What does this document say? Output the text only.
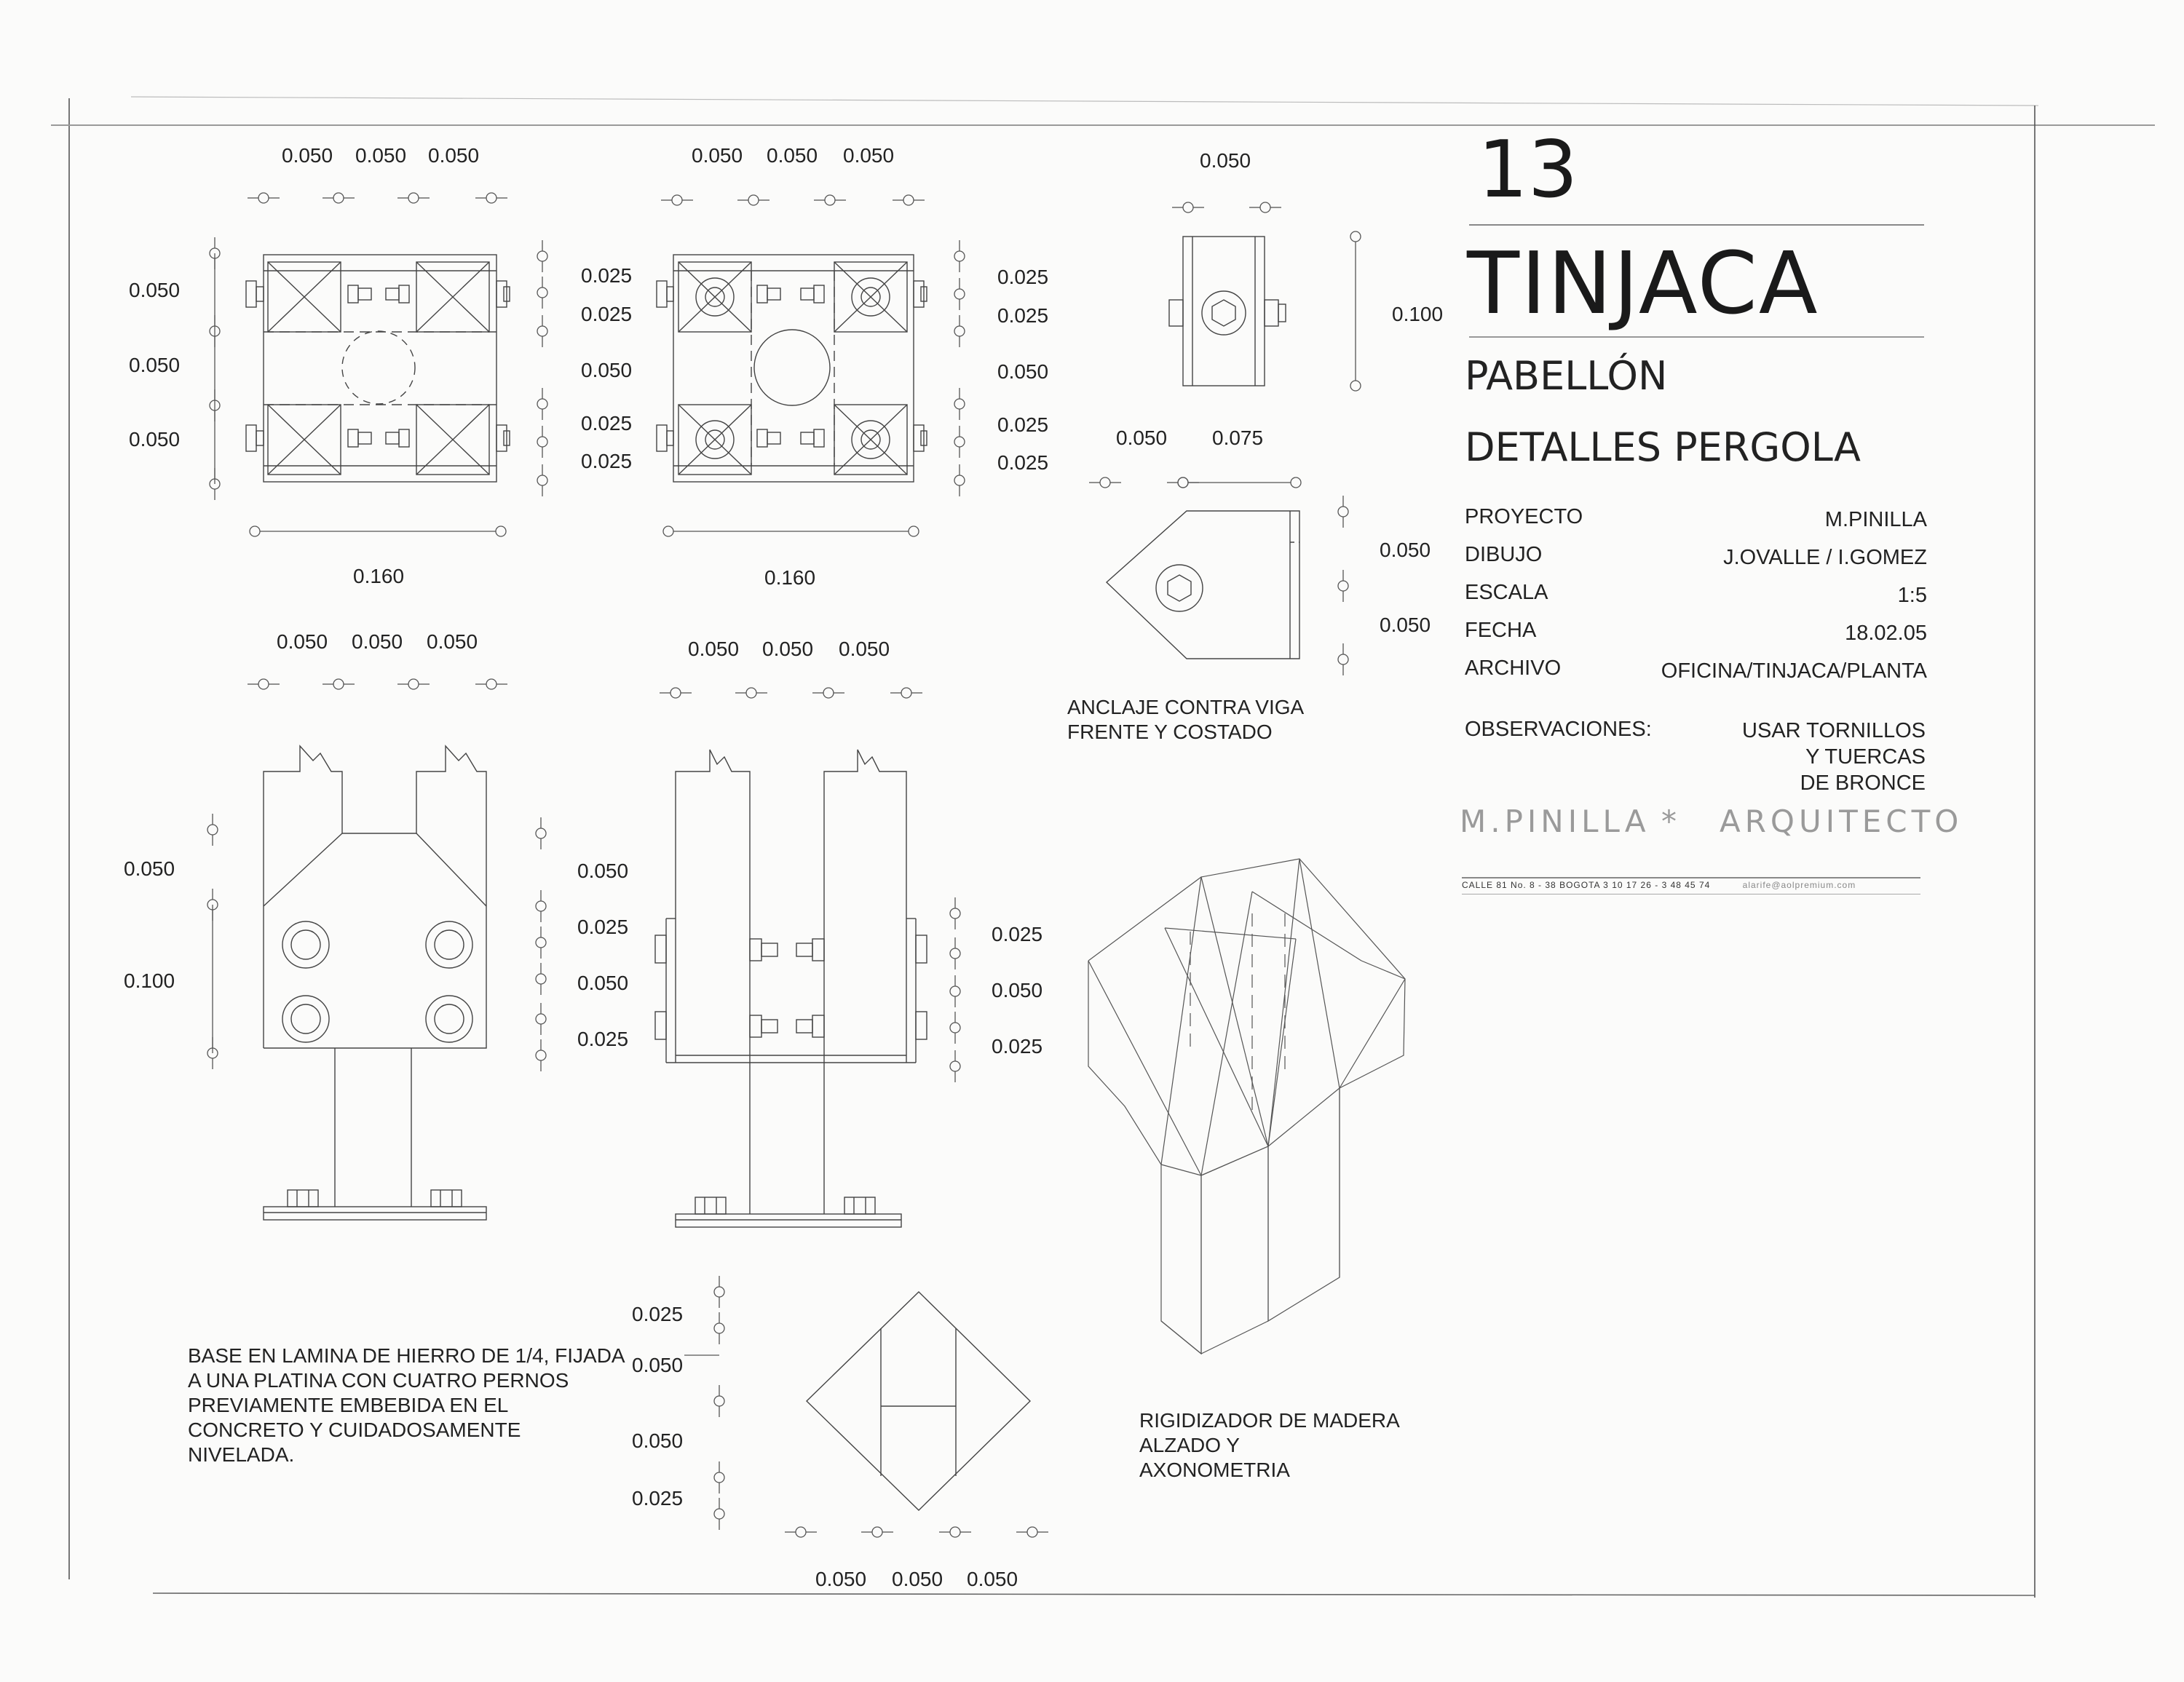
13
TINJACA
PABELLÓN
DETALLES PERGOLA
PROYECTO	M.PINILLA
DIBUJO	J.OVALLE / I.GOMEZ
ESCALA	1:5
FECHA	18.02.05
ARCHIVO	OFICINA/TINJACA/PLANTA
OBSERVACIONES:	USAR TORNILLOS
Y TUERCAS
DE BRONCE
M.PINILLA * ARQUITECTO
CALLE 81 No. 8 - 38 BOGOTA 3 10 17 26 - 3 48 45 74	alarife@aolpremium.com
ANCLAJE CONTRA VIGA
FRENTE Y COSTADO
BASE EN LAMINA DE HIERRO DE 1/4, FIJADA
A UNA PLATINA CON CUATRO PERNOS
PREVIAMENTE EMBEBIDA EN EL
CONCRETO Y CUIDADOSAMENTE
NIVELADA.
RIGIDIZADOR DE MADERA
ALZADO Y
AXONOMETRIA
0.050 0.050 0.050	0.050 0.050 0.050	0.050
0.050
0.050
0.050
0.025
0.025
0.050
0.025
0.025
0.025
0.025
0.050
0.025
0.025
0.100
0.050 0.075
0.050
0.050
0.160	0.160
0.050 0.050 0.050	0.050 0.050 0.050
0.050
0.100
0.050
0.025
0.050
0.025
0.025
0.050
0.025
0.025
0.050
0.050
0.025
0.050 0.050 0.050
